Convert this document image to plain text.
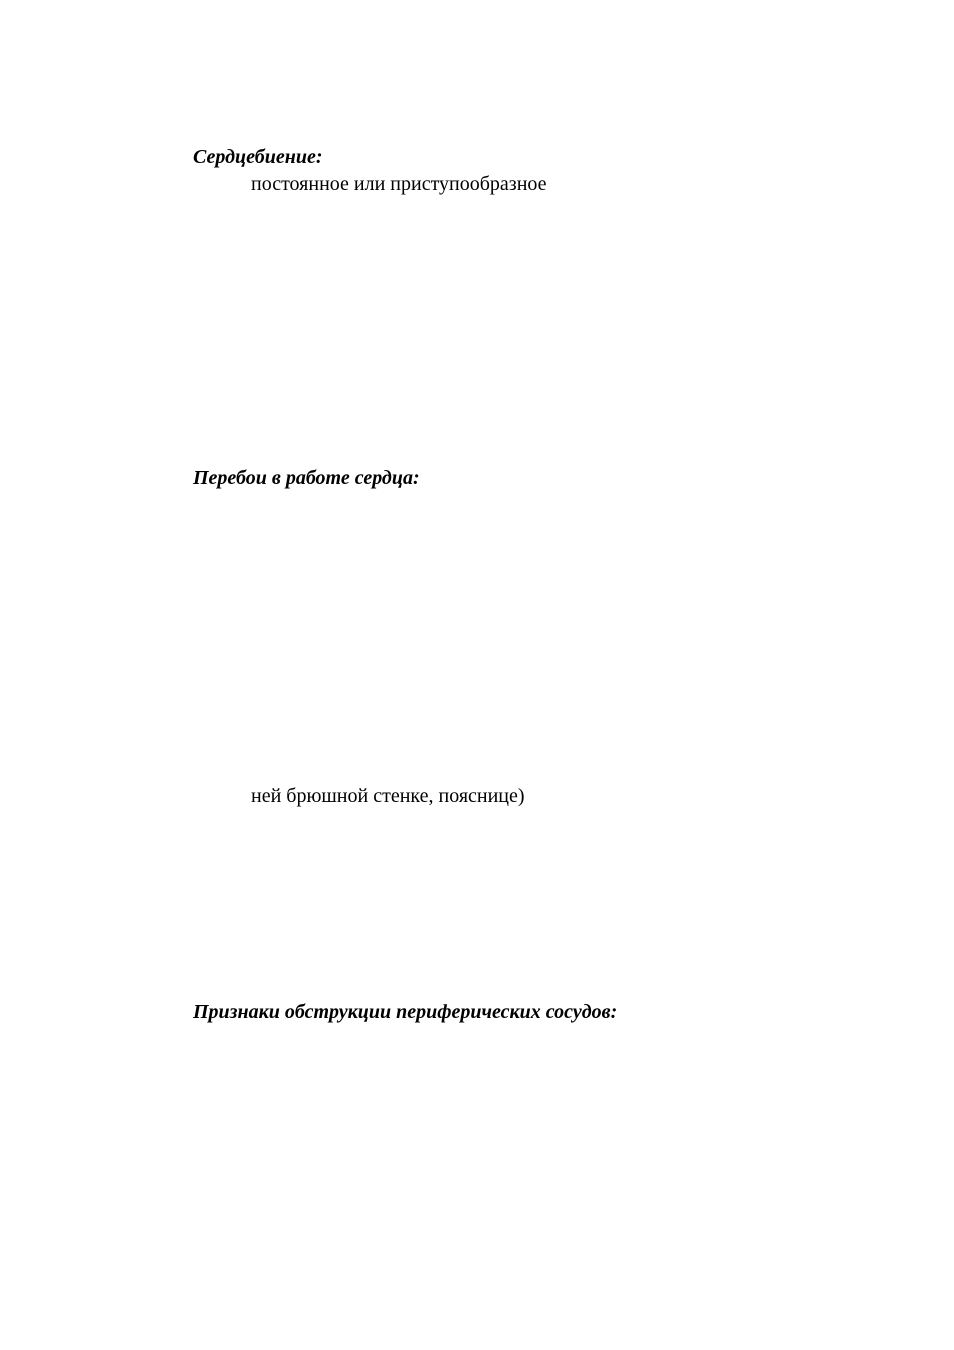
Сердцебиение:
постоянное или приступообразное
Перебои в работе сердца:
ней брюшной стенке, пояснице)
Признаки обструкции периферических сосудов:
